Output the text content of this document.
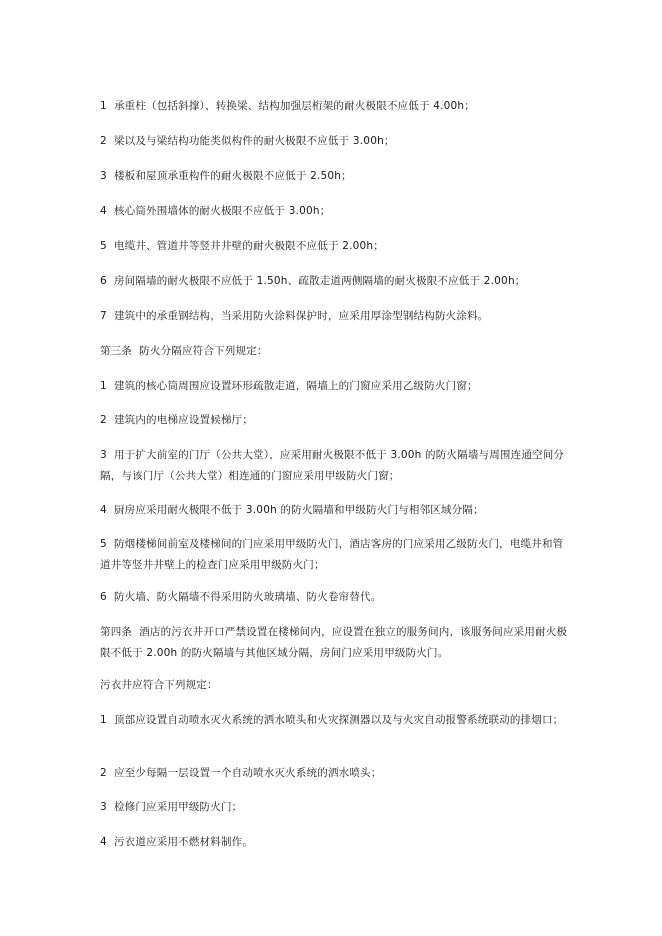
1  承重柱（包括斜撑）、转换梁、结构加强层桁架的耐火极限不应低于 4.00h；

2  梁以及与梁结构功能类似构件的耐火极限不应低于 3.00h；

3  楼板和屋顶承重构件的耐火极限不应低于 2.50h；

4  核心筒外围墙体的耐火极限不应低于 3.00h；

5  电缆井、管道井等竖井井壁的耐火极限不应低于 2.00h；

6  房间隔墙的耐火极限不应低于 1.50h、疏散走道两侧隔墙的耐火极限不应低于 2.00h；

7  建筑中的承重钢结构，当采用防火涂料保护时，应采用厚涂型钢结构防火涂料。

第三条  防火分隔应符合下列规定：

1  建筑的核心筒周围应设置环形疏散走道，隔墙上的门窗应采用乙级防火门窗；

2  建筑内的电梯应设置候梯厅；

3  用于扩大前室的门厅（公共大堂），应采用耐火极限不低于 3.00h 的防火隔墙与周围连通空间分隔，与该门厅（公共大堂）相连通的门窗应采用甲级防火门窗；

4  厨房应采用耐火极限不低于 3.00h 的防火隔墙和甲级防火门与相邻区域分隔；

5  防烟楼梯间前室及楼梯间的门应采用甲级防火门，酒店客房的门应采用乙级防火门，电缆井和管道井等竖井井壁上的检查门应采用甲级防火门；

6  防火墙、防火隔墙不得采用防火玻璃墙、防火卷帘替代。

第四条  酒店的污衣井开口严禁设置在楼梯间内，应设置在独立的服务间内，该服务间应采用耐火极限不低于 2.00h 的防火隔墙与其他区域分隔，房间门应采用甲级防火门。

污衣井应符合下列规定：

1  顶部应设置自动喷水灭火系统的洒水喷头和火灾探测器以及与火灾自动报警系统联动的排烟口；

2  应至少每隔一层设置一个自动喷水灭火系统的洒水喷头；

3  检修门应采用甲级防火门；

4  污衣道应采用不燃材料制作。
